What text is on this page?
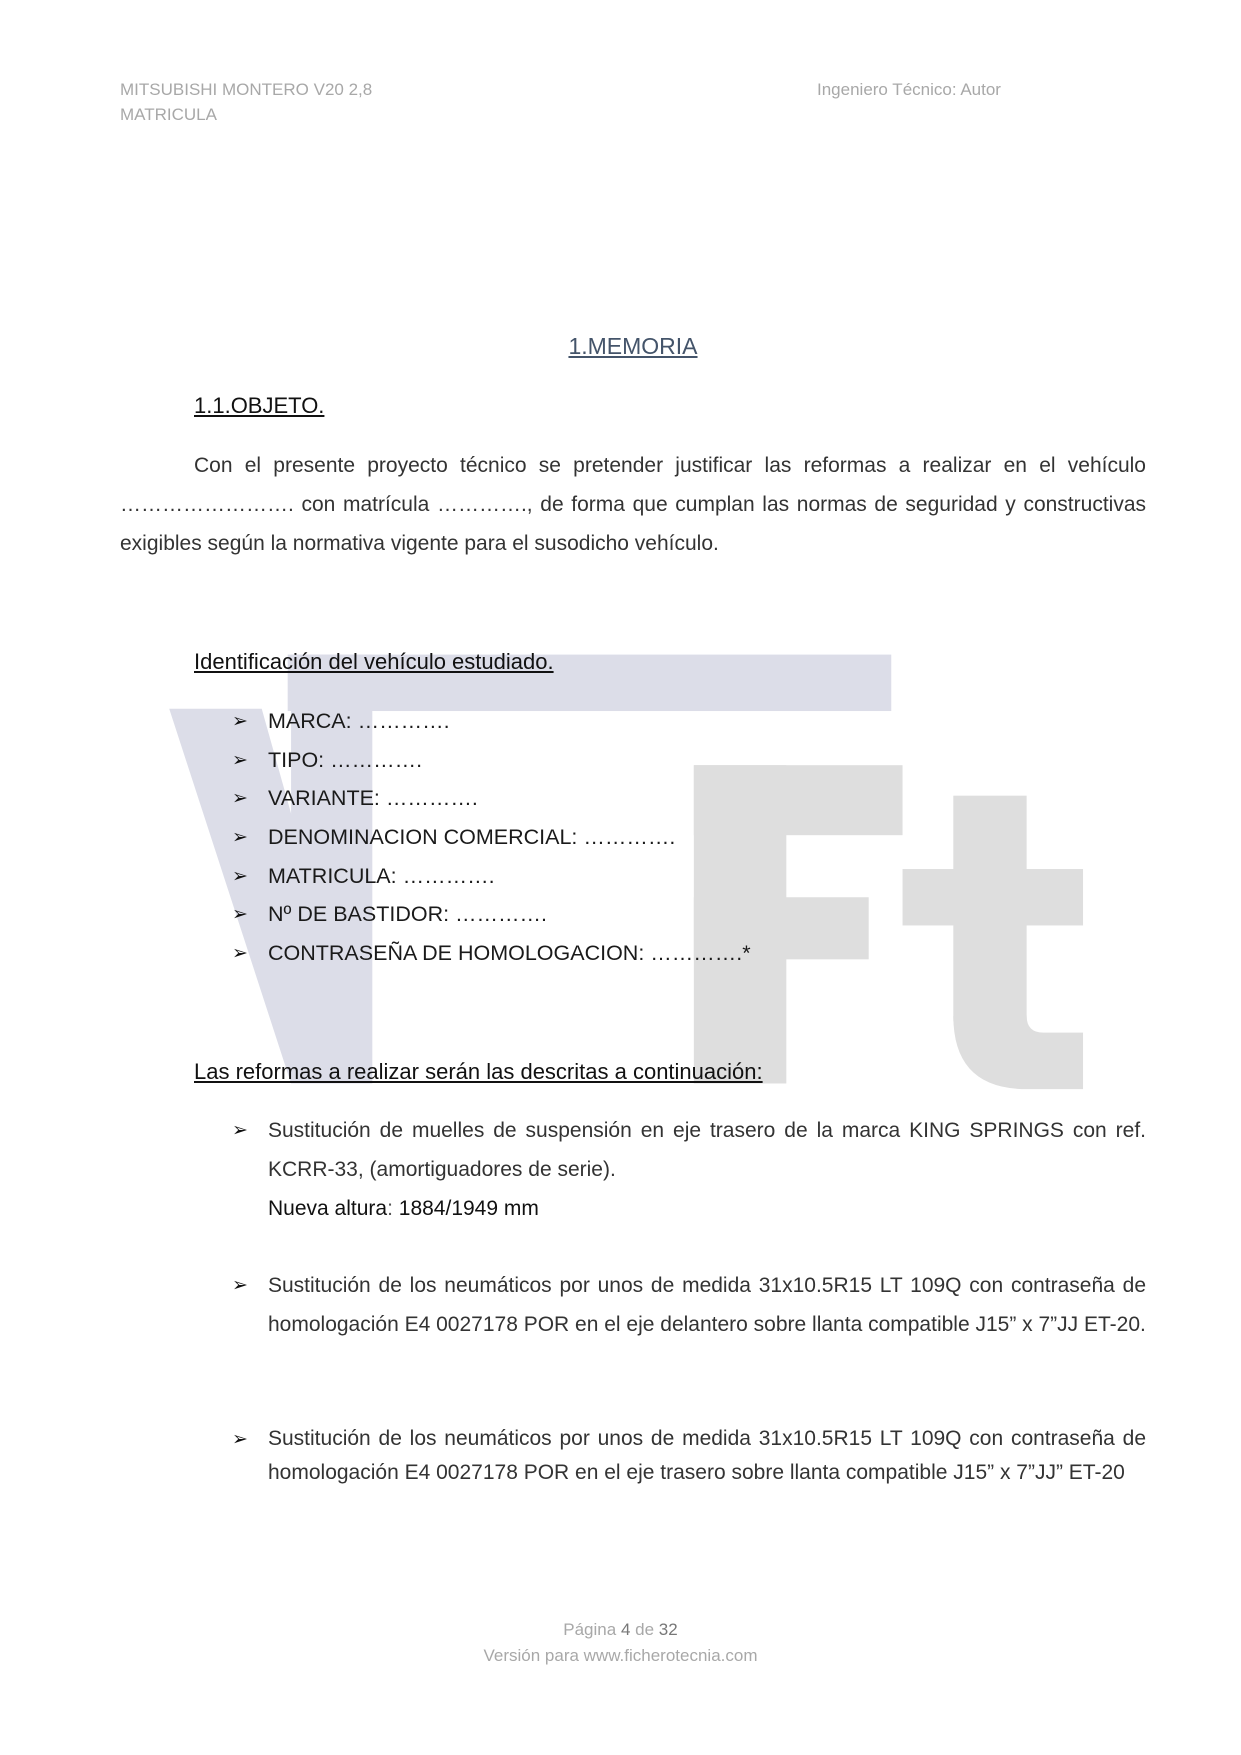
MITSUBISHI MONTERO V20 2,8
MATRICULA
Ingeniero Técnico: Autor
1.MEMORIA
1.1.OBJETO.
Con el presente proyecto técnico se pretender justificar las reformas a realizar en el vehículo ……………………. con matrícula …………., de forma que cumplan las normas de seguridad y constructivas exigibles según la normativa vigente para el susodicho vehículo.
Identificación del vehículo estudiado.
➢
MARCA: ………….
➢
TIPO: ………….
➢
VARIANTE: ………….
➢
DENOMINACION COMERCIAL: ………….
➢
MATRICULA: ………….
➢
Nº DE BASTIDOR: ………….
➢
CONTRASEÑA DE HOMOLOGACION: ………….*
Las reformas a realizar serán las descritas a continuación:
➢
Sustitución de muelles de suspensión en eje trasero de la marca KING SPRINGS con ref. KCRR-33, (amortiguadores de serie).
Nueva altura: 1884/1949 mm
➢
Sustitución de los neumáticos por unos de medida 31x10.5R15 LT 109Q con contraseña de homologación E4 0027178 POR en el eje delantero sobre llanta compatible J15” x 7”JJ ET-20.
➢
Sustitución de los neumáticos por unos de medida 31x10.5R15 LT 109Q con contraseña de homologación E4 0027178 POR en el eje trasero sobre llanta compatible J15” x 7”JJ” ET-20
Página 4 de 32
Versión para www.ficherotecnia.com
